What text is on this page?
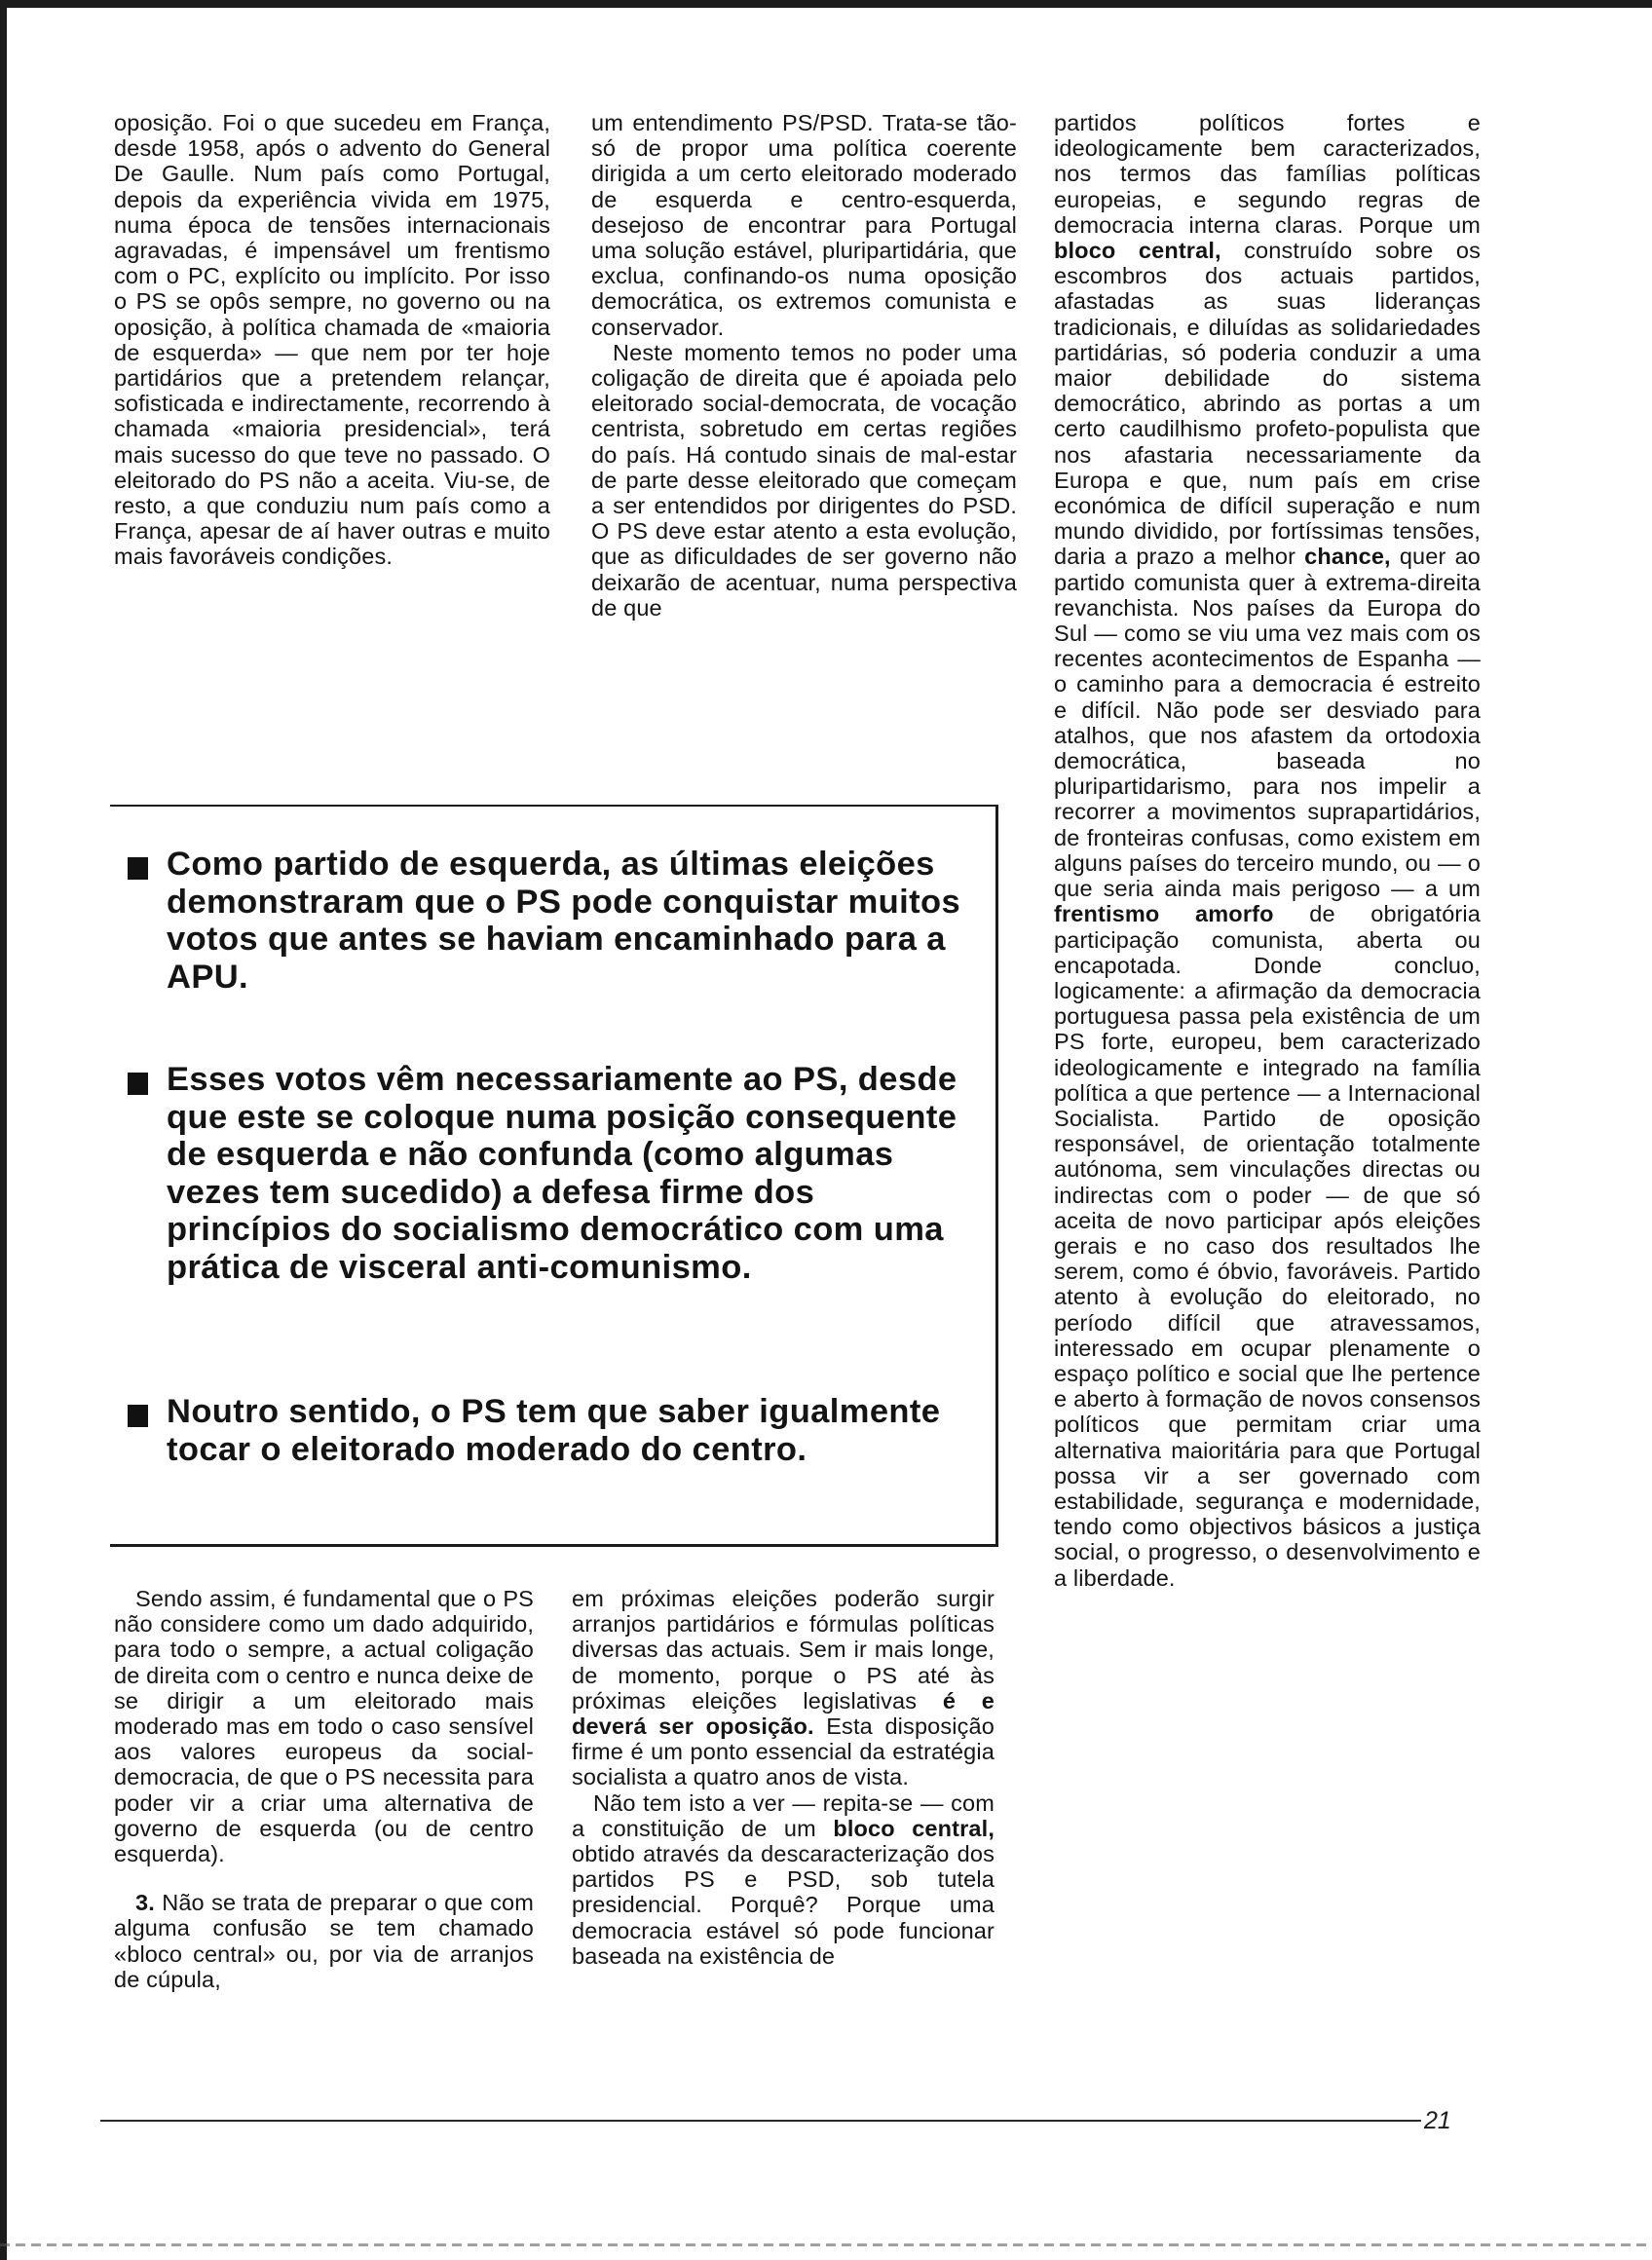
oposição. Foi o que sucedeu em França, desde 1958, após o advento do General De Gaulle. Num país como Portugal, depois da experiência vivida em 1975, numa época de tensões internacionais agravadas, é impensável um frentismo com o PC, explícito ou implícito. Por isso o PS se opôs sempre, no governo ou na oposição, à política chamada de «maioria de esquerda» — que nem por ter hoje partidários que a pretendem relançar, sofisticada e indirectamente, recorrendo à chamada «maioria presidencial», terá mais sucesso do que teve no passado. O eleitorado do PS não a aceita. Viu-se, de resto, a que conduziu num país como a França, apesar de aí haver outras e muito mais favoráveis condições.

um entendimento PS/PSD. Trata-se tão-só de propor uma política coerente dirigida a um certo eleitorado moderado de esquerda e centro-esquerda, desejoso de encontrar para Portugal uma solução estável, pluripartidária, que exclua, confinando-os numa oposição democrática, os extremos comunista e conservador.

Neste momento temos no poder uma coligação de direita que é apoiada pelo eleitorado social-democrata, de vocação centrista, sobretudo em certas regiões do país. Há contudo sinais de mal-estar de parte desse eleitorado que começam a ser entendidos por dirigentes do PSD. O PS deve estar atento a esta evolução, que as dificuldades de ser governo não deixarão de acentuar, numa perspectiva de que

partidos políticos fortes e ideologicamente bem caracterizados, nos termos das famílias políticas europeias, e segundo regras de democracia interna claras. Porque um bloco central, construído sobre os escombros dos actuais partidos, afastadas as suas lideranças tradicionais, e diluídas as solidariedades partidárias, só poderia conduzir a uma maior debilidade do sistema democrático, abrindo as portas a um certo caudilhismo profeto-populista que nos afastaria necessariamente da Europa e que, num país em crise económica de difícil superação e num mundo dividido, por fortíssimas tensões, daria a prazo a melhor chance, quer ao partido comunista quer à extrema-direita revanchista. Nos países da Europa do Sul — como se viu uma vez mais com os recentes acontecimentos de Espanha — o caminho para a democracia é estreito e difícil. Não pode ser desviado para atalhos, que nos afastem da ortodoxia democrática, baseada no pluripartidarismo, para nos impelir a recorrer a movimentos suprapartidários, de fronteiras confusas, como existem em alguns países do terceiro mundo, ou — o que seria ainda mais perigoso — a um frentismo amorfo de obrigatória participação comunista, aberta ou encapotada. Donde concluo, logicamente: a afirmação da democracia portuguesa passa pela existência de um PS forte, europeu, bem caracterizado ideologicamente e integrado na família política a que pertence — a Internacional Socialista. Partido de oposição responsável, de orientação totalmente autónoma, sem vinculações directas ou indirectas com o poder — de que só aceita de novo participar após eleições gerais e no caso dos resultados lhe serem, como é óbvio, favoráveis. Partido atento à evolução do eleitorado, no período difícil que atravessamos, interessado em ocupar plenamente o espaço político e social que lhe pertence e aberto à formação de novos consensos políticos que permitam criar uma alternativa maioritária para que Portugal possa vir a ser governado com estabilidade, segurança e modernidade, tendo como objectivos básicos a justiça social, o progresso, o desenvolvimento e a liberdade.

Como partido de esquerda, as últimas eleições demonstraram que o PS pode conquistar muitos votos que antes se haviam encaminhado para a APU.
Esses votos vêm necessariamente ao PS, desde que este se coloque numa posição consequente de esquerda e não confunda (como algumas vezes tem sucedido) a defesa firme dos princípios do socialismo democrático com uma prática de visceral anti-comunismo.
Noutro sentido, o PS tem que saber igualmente tocar o eleitorado moderado do centro.

Sendo assim, é fundamental que o PS não considere como um dado adquirido, para todo o sempre, a actual coligação de direita com o centro e nunca deixe de se dirigir a um eleitorado mais moderado mas em todo o caso sensível aos valores europeus da social-democracia, de que o PS necessita para poder vir a criar uma alternativa de governo de esquerda (ou de centro esquerda).

3. Não se trata de preparar o que com alguma confusão se tem chamado «bloco central» ou, por via de arranjos de cúpula,

em próximas eleições poderão surgir arranjos partidários e fórmulas políticas diversas das actuais. Sem ir mais longe, de momento, porque o PS até às próximas eleições legislativas é e deverá ser oposição. Esta disposição firme é um ponto essencial da estratégia socialista a quatro anos de vista.

Não tem isto a ver — repita-se — com a constituição de um bloco central, obtido através da descaracterização dos partidos PS e PSD, sob tutela presidencial. Porquê? Porque uma democracia estável só pode funcionar baseada na existência de

21
